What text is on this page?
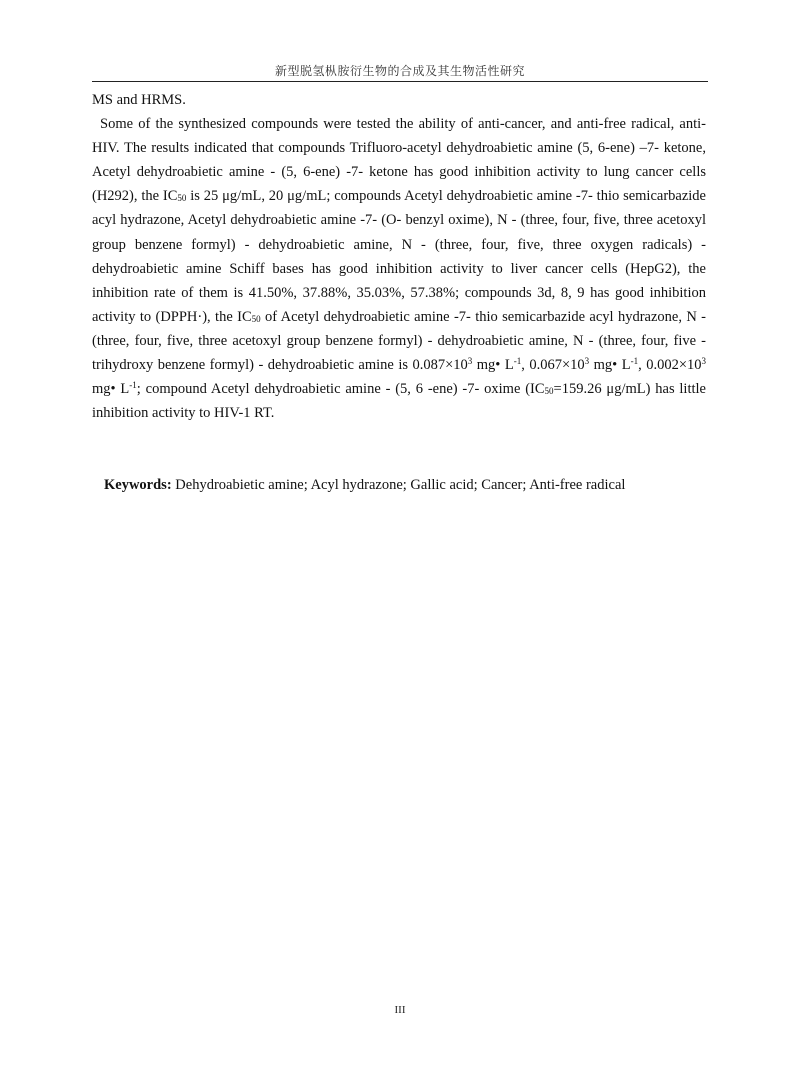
新型脱氢枞胺衍生物的合成及其生物活性研究

MS and HRMS.

Some of the synthesized compounds were tested the ability of anti-cancer, and anti-free radical, anti-HIV. The results indicated that compounds Trifluoro-acetyl dehydroabietic amine (5, 6-ene) –7- ketone, Acetyl dehydroabietic amine - (5, 6-ene) -7- ketone has good inhibition activity to lung cancer cells (H292), the $IC_{50}$ is 25 μg/mL, 20 μg/mL; compounds Acetyl dehydroabietic amine -7- thio semicarbazide acyl hydrazone, Acetyl dehydroabietic amine -7- (O- benzyl oxime), N - (three, four, five, three acetoxyl group benzene formyl) - dehydroabietic amine, N - (three, four, five, three oxygen radicals) - dehydroabietic amine Schiff bases has good inhibition activity to liver cancer cells (HepG2), the inhibition rate of them is 41.50%, 37.88%, 35.03%, 57.38%; compounds 3d, 8, 9 has good inhibition activity to (DPPH·), the $IC_{50}$ of Acetyl dehydroabietic amine -7- thio semicarbazide acyl hydrazone, N - (three, four, five, three acetoxyl group benzene formyl) - dehydroabietic amine, N - (three, four, five - trihydroxy benzene formyl) - dehydroabietic amine is $0.087\times 10^3$ mg• $L^{-1}$, $0.067\times 10^3$ mg• $L^{-1}$, $0.002\times 10^3$ mg• $L^{-1}$; compound Acetyl dehydroabietic amine - (5, 6 -ene) -7- oxime ($IC_{50}=159.26$ μg/mL) has little inhibition activity to HIV-1 RT.

Keywords: Dehydroabietic amine; Acyl hydrazone; Gallic acid; Cancer; Anti-free radical
III
